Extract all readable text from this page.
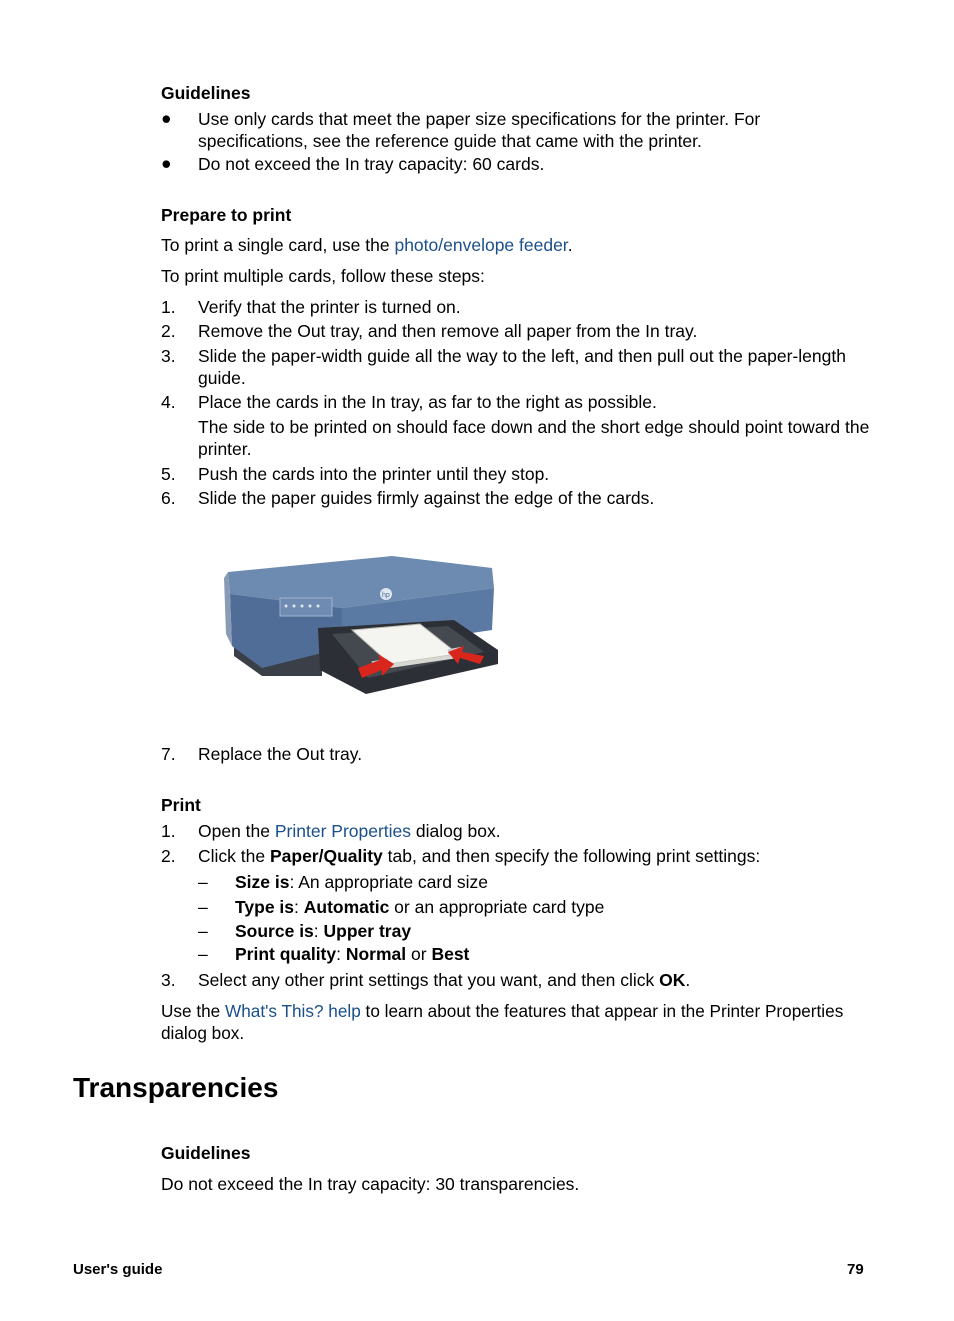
Guidelines
● Use only cards that meet the paper size specifications for the printer. For specifications, see the reference guide that came with the printer.
● Do not exceed the In tray capacity: 60 cards.
Prepare to print
To print a single card, use the photo/envelope feeder.
To print multiple cards, follow these steps:
1.	Verify that the printer is turned on.
2.	Remove the Out tray, and then remove all paper from the In tray.
3.	Slide the paper-width guide all the way to the left, and then pull out the paper-length guide.
4.	Place the cards in the In tray, as far to the right as possible.
The side to be printed on should face down and the short edge should point toward the printer.
5.	Push the cards into the printer until they stop.
6.	Slide the paper guides firmly against the edge of the cards.
hp
7. Replace the Out tray.
Print
1. Open the Printer Properties dialog box.
2. Click the Paper/Quality tab, and then specify the following print settings:
– Size is: An appropriate card size
– Type is: Automatic or an appropriate card type
– Source is: Upper tray
– Print quality: Normal or Best
3. Select any other print settings that you want, and then click OK.
Use the What's This? help to learn about the features that appear in the Printer Properties dialog box.
Transparencies
Guidelines
Do not exceed the In tray capacity: 30 transparencies.
User's guide	79
